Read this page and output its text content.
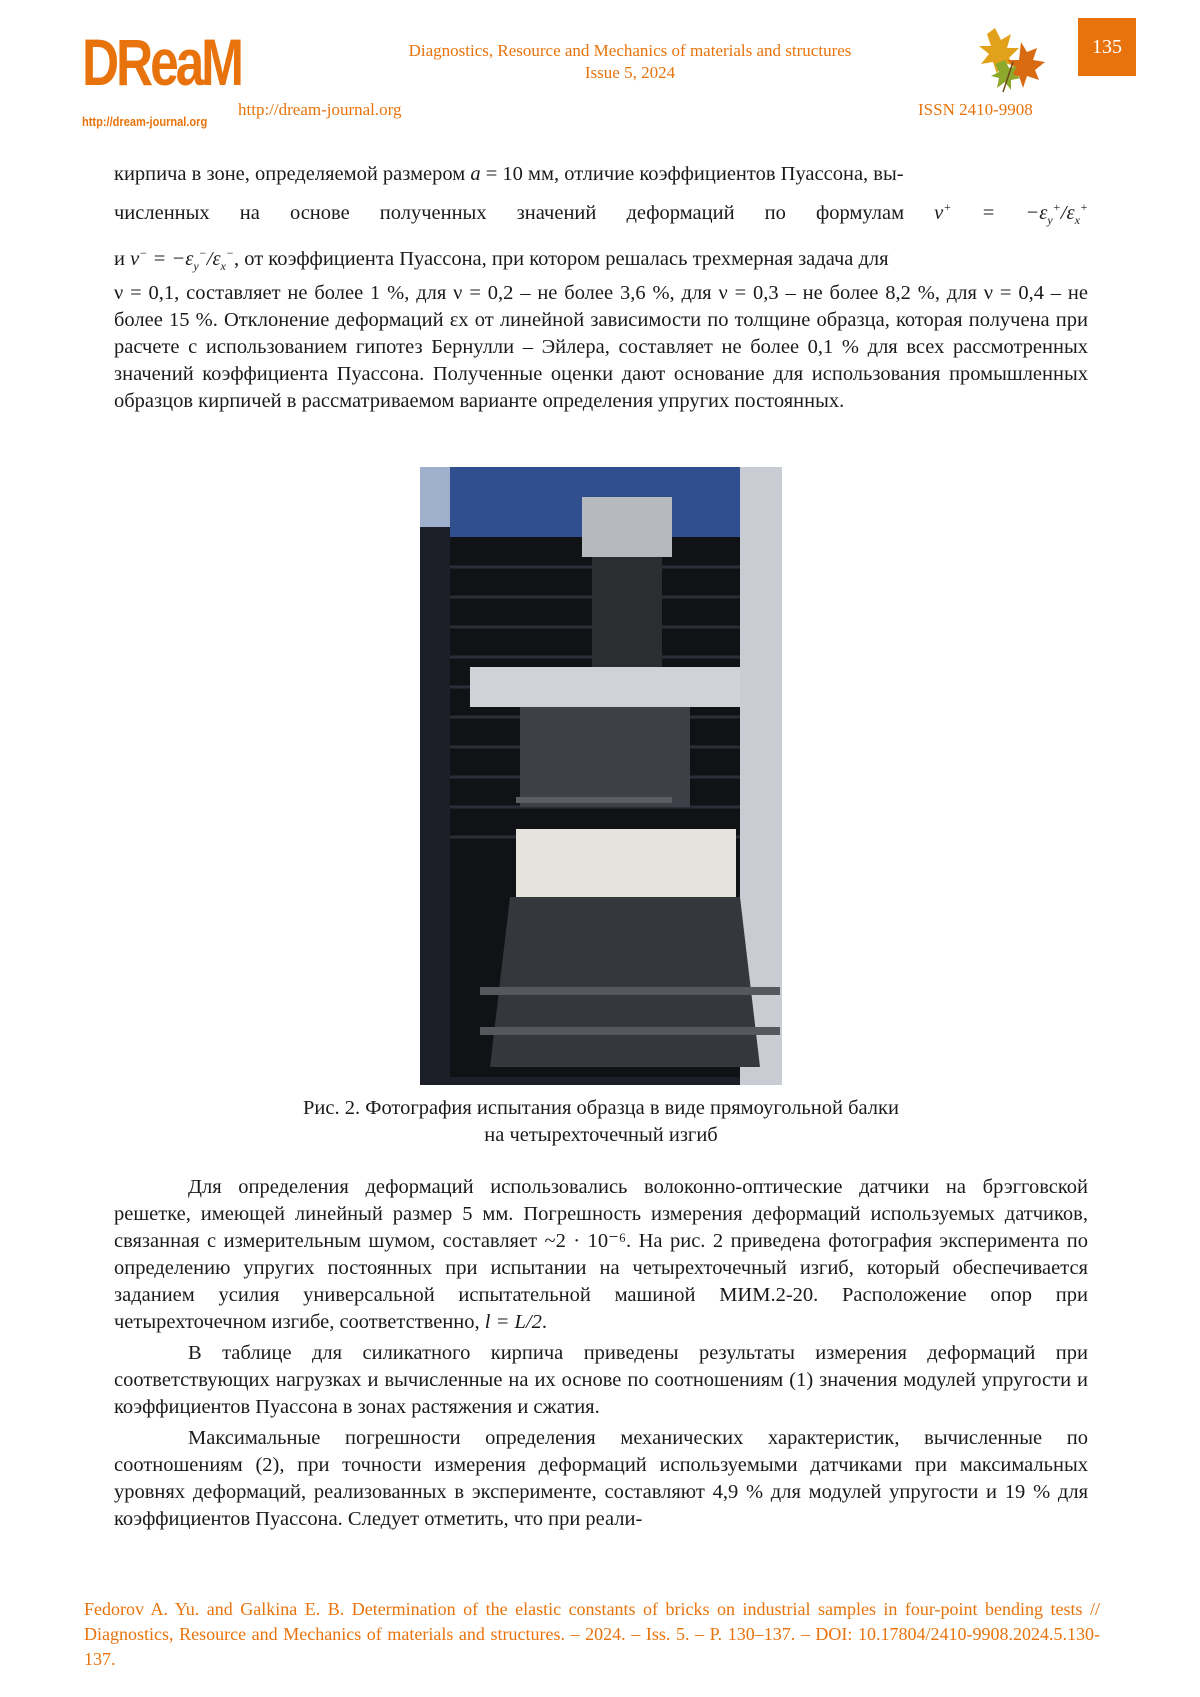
DReaM
http://dream-journal.org
Diagnostics, Resource and Mechanics of materials and structures
Issue 5, 2024
http://dream-journal.org	ISSN 2410-9908
135

кирпича в зоне, определяемой размером a = 10 мм, отличие коэффициентов Пуассона, вы-

численных на основе полученных значений деформаций по формулам ν+ = −εy+/εx+

и ν− = −εy−/εx−, от коэффициента Пуассона, при котором решалась трехмерная задача для

ν = 0,1, составляет не более 1 %, для ν = 0,2 – не более 3,6 %, для ν = 0,3 – не более 8,2 %, для ν = 0,4 – не более 15 %. Отклонение деформаций εx от линейной зависимости по толщине образца, которая получена при расчете с использованием гипотез Бернулли – Эйлера, составляет не более 0,1 % для всех рассмотренных значений коэффициента Пуассона. Полученные оценки дают основание для использования промышленных образцов кирпичей в рассматриваемом варианте определения упругих постоянных.

Рис. 2. Фотография испытания образца в виде прямоугольной балки
на четырехточечный изгиб

Для определения деформаций использовались волоконно-оптические датчики на брэгговской решетке, имеющей линейный размер 5 мм. Погрешность измерения деформаций используемых датчиков, связанная с измерительным шумом, составляет ~2 · 10⁻⁶. На рис. 2 приведена фотография эксперимента по определению упругих постоянных при испытании на четырехточечный изгиб, который обеспечивается заданием усилия универсальной испытательной машиной МИМ.2-20. Расположение опор при четырехточечном изгибе, соответственно, l = L/2.

В таблице для силикатного кирпича приведены результаты измерения деформаций при соответствующих нагрузках и вычисленные на их основе по соотношениям (1) значения модулей упругости и коэффициентов Пуассона в зонах растяжения и сжатия.

Максимальные погрешности определения механических характеристик, вычисленные по соотношениям (2), при точности измерения деформаций используемыми датчиками при максимальных уровнях деформаций, реализованных в эксперименте, составляют 4,9 % для модулей упругости и 19 % для коэффициентов Пуассона. Следует отметить, что при реали-

Fedorov A. Yu. and Galkina E. B. Determination of the elastic constants of bricks on industrial samples in four-point bending tests // Diagnostics, Resource and Mechanics of materials and structures. – 2024. – Iss. 5. – P. 130–137. – DOI: 10.17804/2410-9908.2024.5.130-137.
